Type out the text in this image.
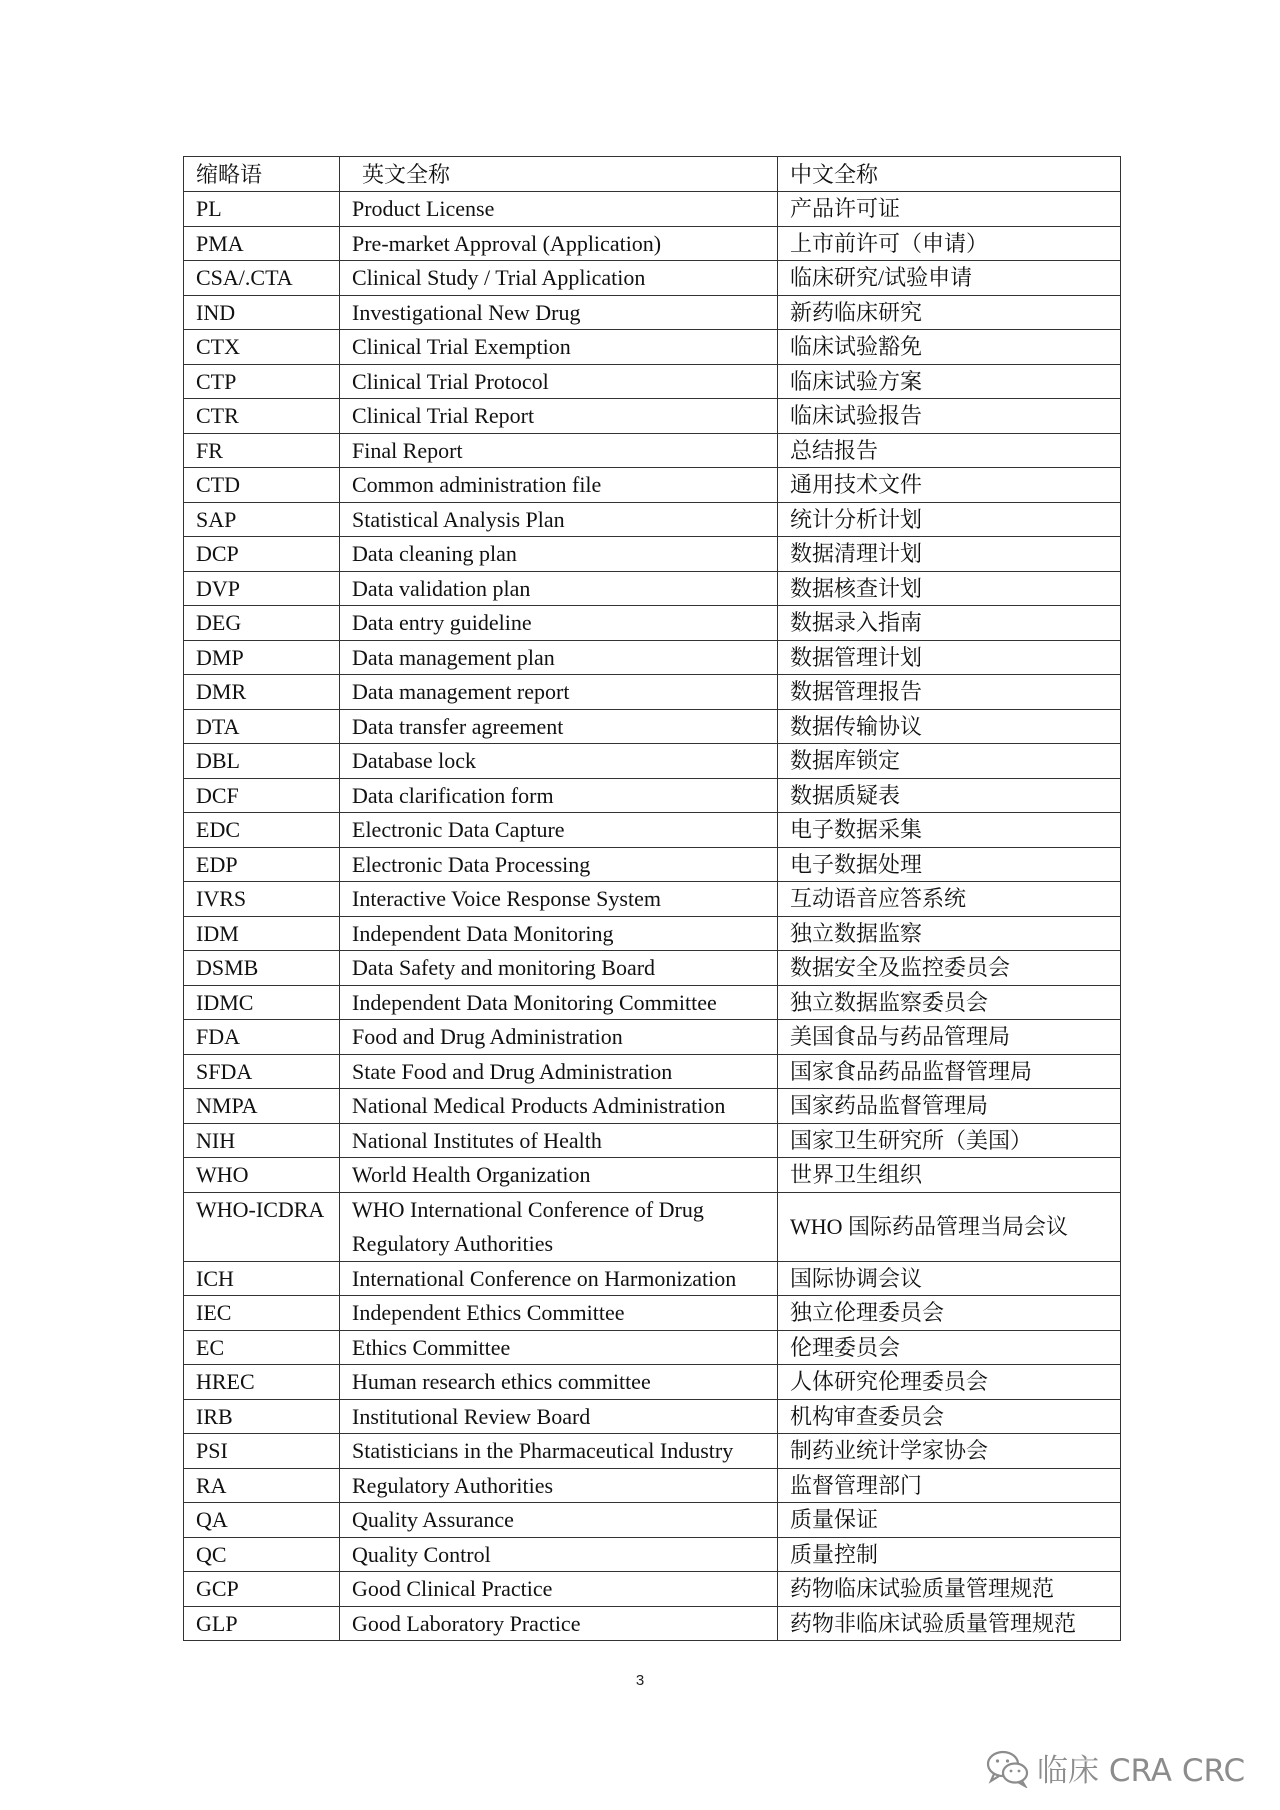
缩略语	英文全称	中文全称
PL	Product License	产品许可证
PMA	Pre-market Approval (Application)	上市前许可（申请）
CSA/.CTA	Clinical Study / Trial Application	临床研究/试验申请
IND	Investigational New Drug	新药临床研究
CTX	Clinical Trial Exemption	临床试验豁免
CTP	Clinical Trial Protocol	临床试验方案
CTR	Clinical Trial Report	临床试验报告
FR	Final Report	总结报告
CTD	Common administration file	通用技术文件
SAP	Statistical Analysis Plan	统计分析计划
DCP	Data cleaning plan	数据清理计划
DVP	Data validation plan	数据核查计划
DEG	Data entry guideline	数据录入指南
DMP	Data management plan	数据管理计划
DMR	Data management report	数据管理报告
DTA	Data transfer agreement	数据传输协议
DBL	Database lock	数据库锁定
DCF	Data clarification form	数据质疑表
EDC	Electronic Data Capture	电子数据采集
EDP	Electronic Data Processing	电子数据处理
IVRS	Interactive Voice Response System	互动语音应答系统
IDM	Independent Data Monitoring	独立数据监察
DSMB	Data Safety and monitoring Board	数据安全及监控委员会
IDMC	Independent Data Monitoring Committee	独立数据监察委员会
FDA	Food and Drug Administration	美国食品与药品管理局
SFDA	State Food and Drug Administration	国家食品药品监督管理局
NMPA	National Medical Products Administration	国家药品监督管理局
NIH	National Institutes of Health	国家卫生研究所（美国）
WHO	World Health Organization	世界卫生组织
WHO-ICDRA	WHO International Conference of Drug Regulatory Authorities	WHO 国际药品管理当局会议
ICH	International Conference on Harmonization	国际协调会议
IEC	Independent Ethics Committee	独立伦理委员会
EC	Ethics Committee	伦理委员会
HREC	Human research ethics committee	人体研究伦理委员会
IRB	Institutional Review Board	机构审查委员会
PSI	Statisticians in the Pharmaceutical Industry	制药业统计学家协会
RA	Regulatory Authorities	监督管理部门
QA	Quality Assurance	质量保证
QC	Quality Control	质量控制
GCP	Good Clinical Practice	药物临床试验质量管理规范
GLP	Good Laboratory Practice	药物非临床试验质量管理规范
3
临床 CRA CRC
